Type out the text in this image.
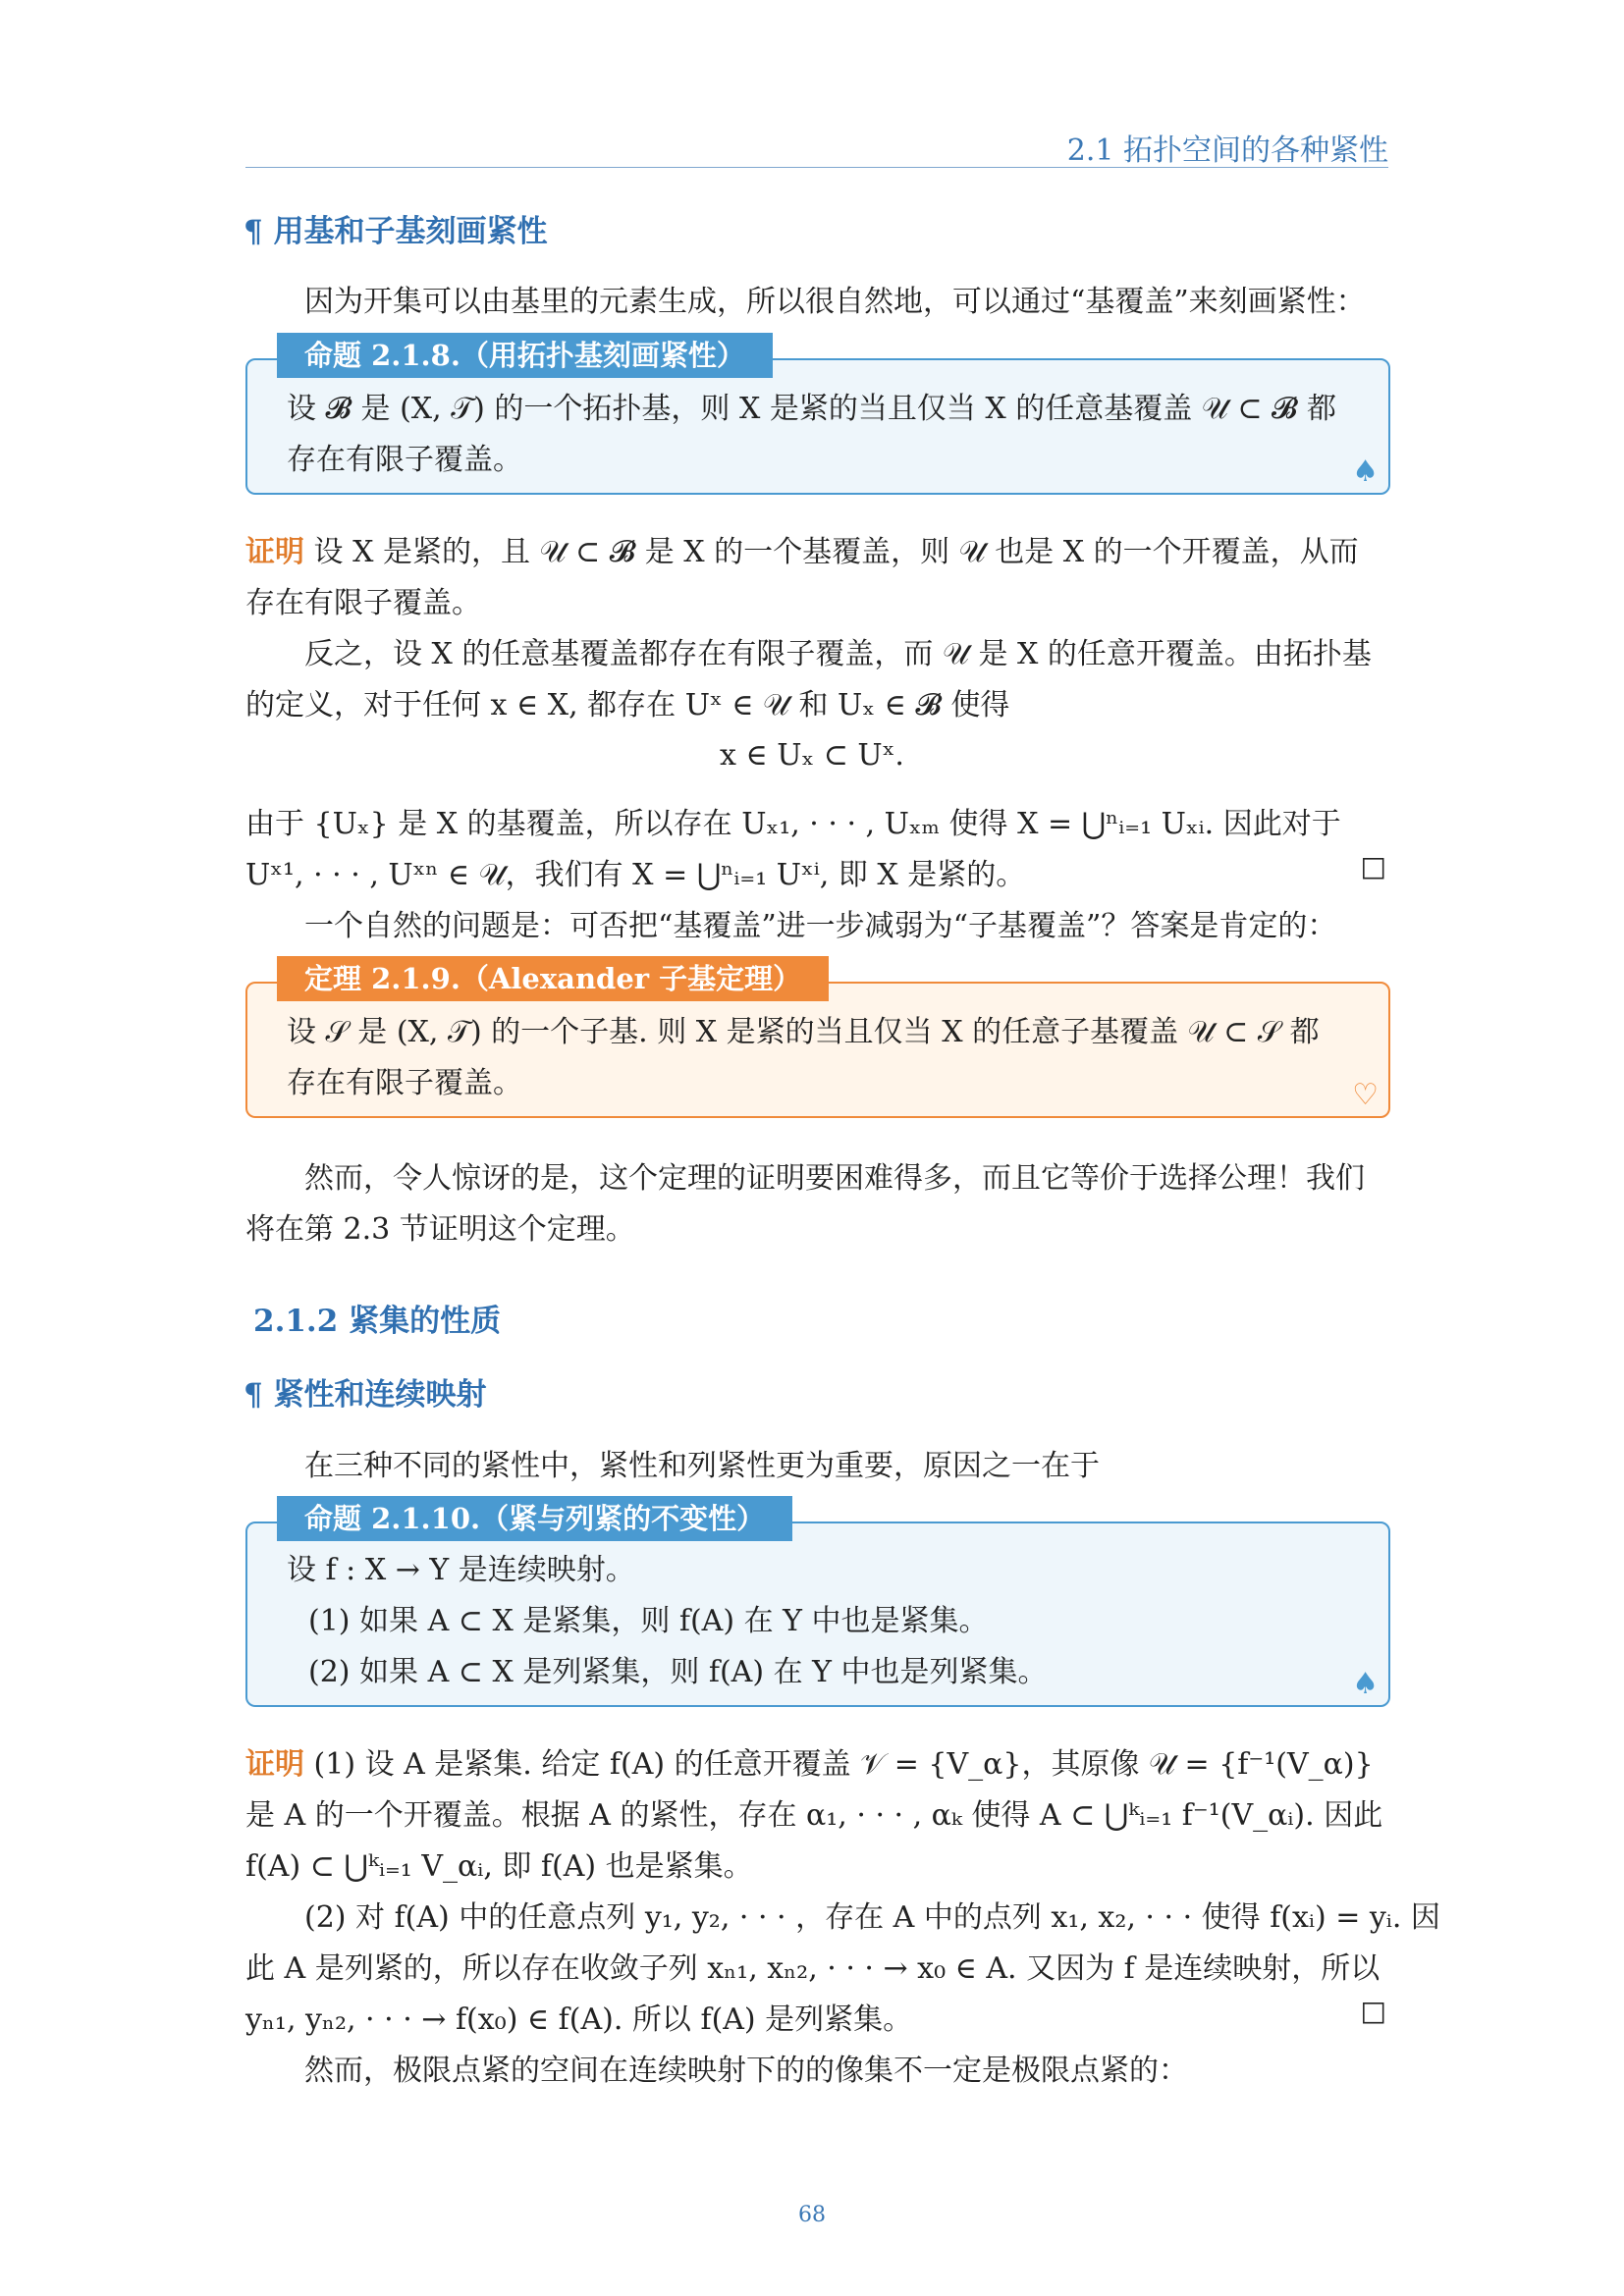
2.1 拓扑空间的各种紧性
¶ 用基和子基刻画紧性
因为开集可以由基里的元素生成，所以很自然地，可以通过“基覆盖”来刻画紧性：
命题 2.1.8.（用拓扑基刻画紧性）
设 𝓑 是 (X, 𝒯) 的一个拓扑基，则 X 是紧的当且仅当 X 的任意基覆盖 𝒰 ⊂ 𝓑 都
存在有限子覆盖。	♠
证明 设 X 是紧的，且 𝒰 ⊂ 𝓑 是 X 的一个基覆盖，则 𝒰 也是 X 的一个开覆盖，从而
存在有限子覆盖。
反之，设 X 的任意基覆盖都存在有限子覆盖，而 𝒰 是 X 的任意开覆盖。由拓扑基
的定义，对于任何 x ∈ X, 都存在 Uˣ ∈ 𝒰 和 Uₓ ∈ 𝓑 使得
x ∈ Uₓ ⊂ Uˣ.
由于 {Uₓ} 是 X 的基覆盖，所以存在 Uₓ₁, · · · , Uₓₘ 使得 X = ⋃ⁿᵢ₌₁ Uₓᵢ. 因此对于
Uˣ¹, · · · , Uˣⁿ ∈ 𝒰，我们有 X = ⋃ⁿᵢ₌₁ Uˣⁱ, 即 X 是紧的。	□
一个自然的问题是：可否把“基覆盖”进一步减弱为“子基覆盖”？答案是肯定的：
定理 2.1.9.（Alexander 子基定理）
设 𝒮 是 (X, 𝒯) 的一个子基. 则 X 是紧的当且仅当 X 的任意子基覆盖 𝒰 ⊂ 𝒮 都
存在有限子覆盖。	♡
然而，令人惊讶的是，这个定理的证明要困难得多，而且它等价于选择公理！我们
将在第 2.3 节证明这个定理。
2.1.2 紧集的性质
¶ 紧性和连续映射
在三种不同的紧性中，紧性和列紧性更为重要，原因之一在于
命题 2.1.10.（紧与列紧的不变性）
设 f : X → Y 是连续映射。
(1) 如果 A ⊂ X 是紧集，则 f(A) 在 Y 中也是紧集。
(2) 如果 A ⊂ X 是列紧集，则 f(A) 在 Y 中也是列紧集。	♠
证明 (1) 设 A 是紧集. 给定 f(A) 的任意开覆盖 𝒱 = {V_α}，其原像 𝒰 = {f⁻¹(V_α)}
是 A 的一个开覆盖。根据 A 的紧性，存在 α₁, · · · , αₖ 使得 A ⊂ ⋃ᵏᵢ₌₁ f⁻¹(V_αᵢ). 因此
f(A) ⊂ ⋃ᵏᵢ₌₁ V_αᵢ, 即 f(A) 也是紧集。
(2) 对 f(A) 中的任意点列 y₁, y₂, · · · ，存在 A 中的点列 x₁, x₂, · · · 使得 f(xᵢ) = yᵢ. 因
此 A 是列紧的，所以存在收敛子列 xₙ₁, xₙ₂, · · · → x₀ ∈ A. 又因为 f 是连续映射，所以
yₙ₁, yₙ₂, · · · → f(x₀) ∈ f(A). 所以 f(A) 是列紧集。	□
然而，极限点紧的空间在连续映射下的的像集不一定是极限点紧的：
68
